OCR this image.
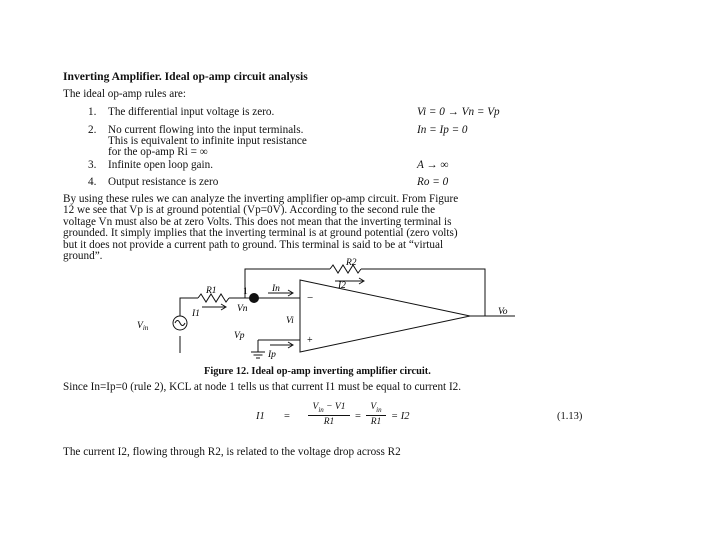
Inverting Amplifier. Ideal op-amp circuit analysis
The ideal op-amp rules are:
1. The differential input voltage is zero.	Vi = 0 → Vn = Vp
2. No current flowing into the input terminals.
This is equivalent to infinite input resistance
for the op-amp Ri = ∞
In = Ip = 0
3. Infinite open loop gain.	A → ∞
4. Output resistance is zero	Ro = 0
By using these rules we can analyze the inverting amplifier op-amp circuit. From Figure
12 we see that Vp is at ground potential (Vp=0V). According to the second rule the
voltage Vn must also be at zero Volts. This does not mean that the inverting terminal is
grounded. It simply implies that the inverting terminal is at ground potential (zero volts)
but it does not provide a current path to ground. This terminal is said to be at “virtual
ground”.
R2
I2
R1
I1
1	In
Vn
Vi
$V_{in}$
Vp
Ip
Vo
−
+
Figure 12. Ideal op-amp inverting amplifier circuit.
Since In=Ip=0 (rule 2), KCL at node 1 tells us that current I1 must be equal to current I2.
I1 =
$V_{in} - V1$
R1	=
$V_{in}$
R1 = I2	(1.13)
The current I2, flowing through R2, is related to the voltage drop across R2
